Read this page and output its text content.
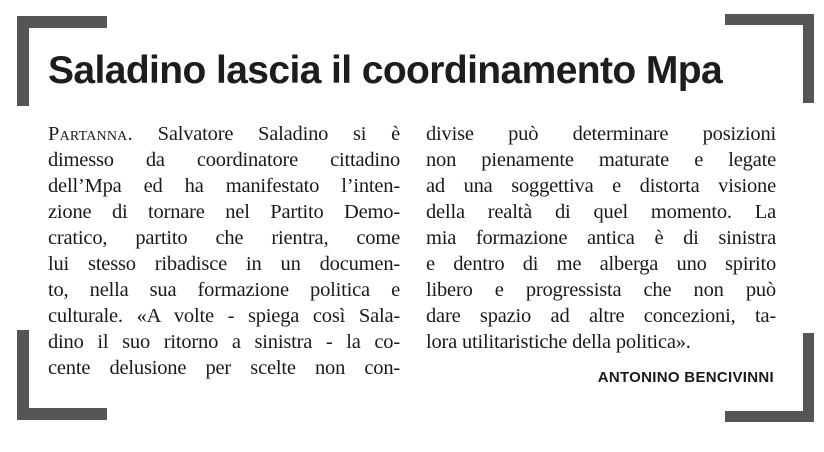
Saladino lascia il coordinamento Mpa
Partanna. Salvatore Saladino si è
dimesso da coordinatore cittadino
dell’Mpa ed ha manifestato l’inten-
zione di tornare nel Partito Demo-
cratico, partito che rientra, come
lui stesso ribadisce in un documen-
to, nella sua formazione politica e
culturale. «A volte - spiega così Sala-
dino il suo ritorno a sinistra - la co-
cente delusione per scelte non con-
divise può determinare posizioni
non pienamente maturate e legate
ad una soggettiva e distorta visione
della realtà di quel momento. La
mia formazione antica è di sinistra
e dentro di me alberga uno spirito
libero e progressista che non può
dare spazio ad altre concezioni, ta-
lora utilitaristiche della politica».
ANTONINO BENCIVINNI
